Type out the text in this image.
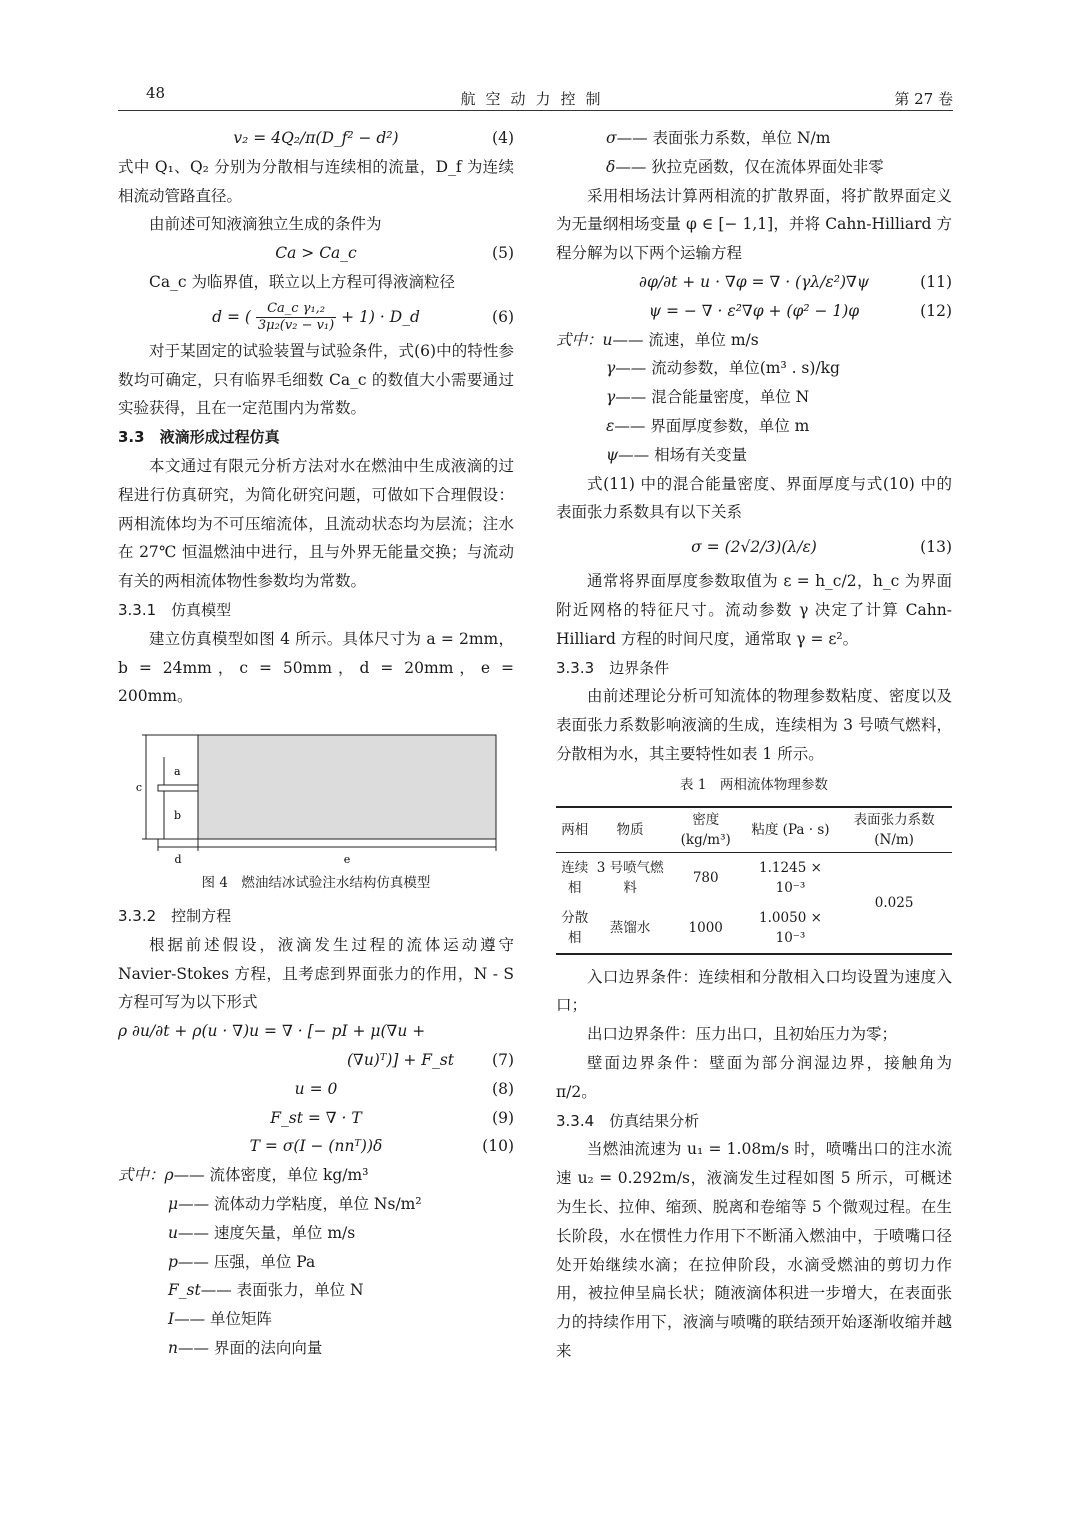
48	航空动力控制	第 27 卷
v₂ = 4Q₂/π(D_f² − d²)	(4)

式中 Q₁、Q₂ 分别为分散相与连续相的流量，D_f 为连续相流动管路直径。

由前述可知液滴独立生成的条件为

Ca > Ca_c	(5)

Ca_c 为临界值，联立以上方程可得液滴粒径

d = ( $\frac{\text{Ca\_c γ₁,₂}}{\text{3μ₂(v₂ − v₁)}} + 1$) · D_d	(6)

对于某固定的试验装置与试验条件，式(6)中的特性参数均可确定，只有临界毛细数 Ca_c 的数值大小需要通过实验获得，且在一定范围内为常数。

3.3　液滴形成过程仿真

本文通过有限元分析方法对水在燃油中生成液滴的过程进行仿真研究，为简化研究问题，可做如下合理假设：两相流体均为不可压缩流体，且流动状态均为层流；注水在 27℃ 恒温燃油中进行，且与外界无能量交换；与流动有关的两相流体物性参数均为常数。

3.3.1　仿真模型

建立仿真模型如图 4 所示。具体尺寸为 a = 2mm，b = 24mm，c = 50mm，d = 20mm，e = 200mm。

c
a
b
d	e

图 4　燃油结冰试验注水结构仿真模型

3.3.2　控制方程

根据前述假设，液滴发生过程的流体运动遵守 Navier-Stokes 方程，且考虑到界面张力的作用，N - S 方程可写为以下形式

ρ ∂u/∂t + ρ(u · ∇)u = ∇ · [− pI + μ(∇u +
(∇u)ᵀ)] + F_st (7)
u = 0	(8)
F_st = ∇ · T	(9)
T = σ(I − (nnᵀ))δ	(10)

式中：ρ—— 流体密度，单位 kg/m³

μ—— 流体动力学粘度，单位 Ns/m²

u—— 速度矢量，单位 m/s

p—— 压强，单位 Pa

F_st—— 表面张力，单位 N

I—— 单位矩阵

n—— 界面的法向向量

σ—— 表面张力系数，单位 N/m

δ—— 狄拉克函数，仅在流体界面处非零

采用相场法计算两相流的扩散界面，将扩散界面定义为无量纲相场变量 φ ∈ [− 1,1]，并将 Cahn-Hilliard 方程分解为以下两个运输方程

∂φ/∂t + u · ∇φ = ∇ · (γλ/ε²)∇ψ	(11)
ψ = − ∇ · ε²∇φ + (φ² − 1)φ	(12)

式中：u—— 流速，单位 m/s

γ—— 流动参数，单位(m³ . s)/kg

γ—— 混合能量密度，单位 N

ε—— 界面厚度参数，单位 m

ψ—— 相场有关变量

式(11) 中的混合能量密度、界面厚度与式(10) 中的表面张力系数具有以下关系

σ = (2√2/3)(λ/ε)	(13)

通常将界面厚度参数取值为 ε = h_c/2，h_c 为界面附近网格的特征尺寸。流动参数 γ 决定了计算 Cahn-Hilliard 方程的时间尺度，通常取 γ = ε²。

3.3.3　边界条件

由前述理论分析可知流体的物理参数粘度、密度以及表面张力系数影响液滴的生成，连续相为 3 号喷气燃料，分散相为水，其主要特性如表 1 所示。

表 1　两相流体物理参数

两相	物质	密度 (kg/m³)	粘度 (Pa · s)	表面张力系数 (N/m)
连续相	3 号喷气燃料	780	1.1245 × 10⁻³	0.025
分散相	蒸馏水	1000	1.0050 × 10⁻³	

入口边界条件：连续相和分散相入口均设置为速度入口；

出口边界条件：压力出口，且初始压力为零；

壁面边界条件：壁面为部分润湿边界，接触角为 π/2。

3.3.4　仿真结果分析

当燃油流速为 u₁ = 1.08m/s 时，喷嘴出口的注水流速 u₂ = 0.292m/s，液滴发生过程如图 5 所示，可概述为生长、拉伸、缩颈、脱离和卷缩等 5 个微观过程。在生长阶段，水在惯性力作用下不断涌入燃油中，于喷嘴口径处开始继续水滴；在拉伸阶段，水滴受燃油的剪切力作用，被拉伸呈扁长状；随液滴体积进一步增大，在表面张力的持续作用下，液滴与喷嘴的联结颈开始逐渐收缩并越来
